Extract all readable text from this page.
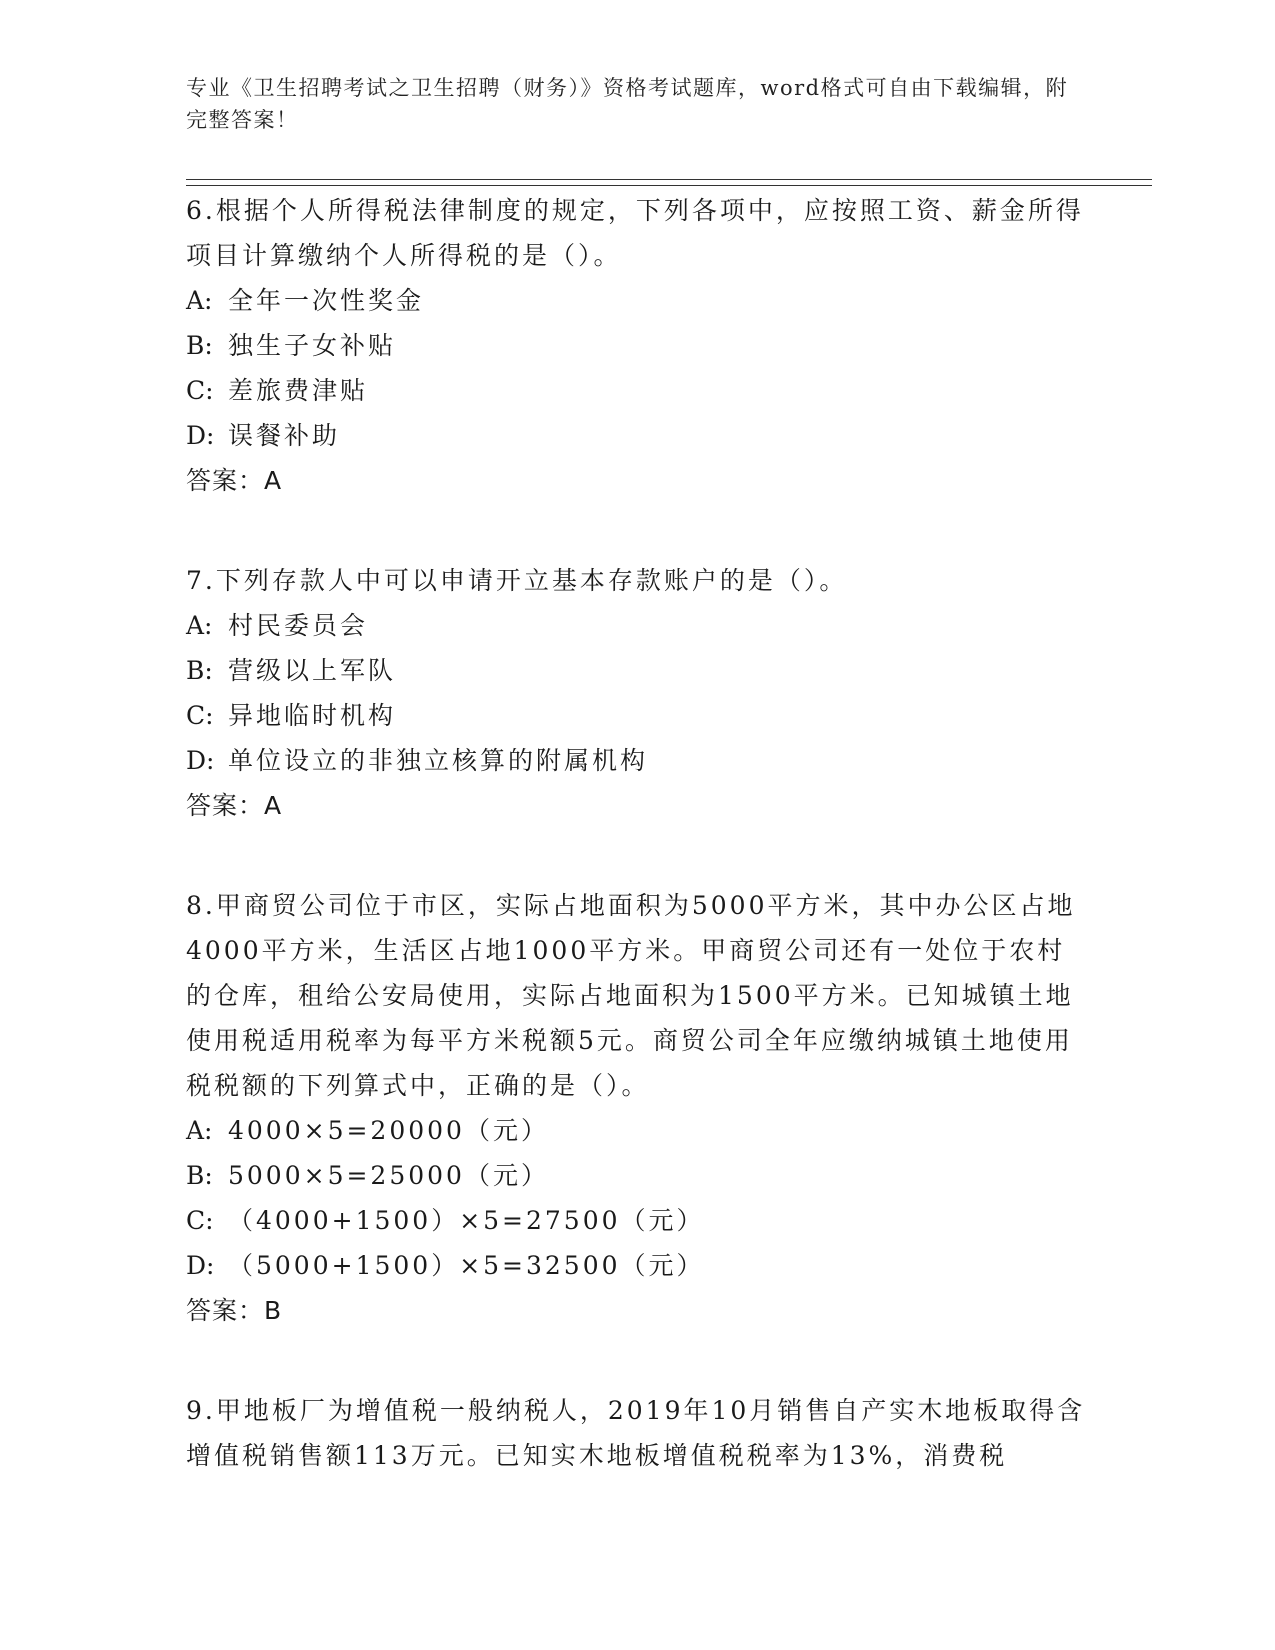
专业《卫生招聘考试之卫生招聘（财务）》资格考试题库，word格式可自由下载编辑，附完整答案！

6.根据个人所得税法律制度的规定，下列各项中，应按照工资、薪金所得项目计算缴纳个人所得税的是（）。

A: 全年一次性奖金

B: 独生子女补贴

C: 差旅费津贴

D: 误餐补助

答案：A

7.下列存款人中可以申请开立基本存款账户的是（）。

A: 村民委员会

B: 营级以上军队

C: 异地临时机构

D: 单位设立的非独立核算的附属机构

答案：A

8.甲商贸公司位于市区，实际占地面积为5000平方米，其中办公区占地4000平方米，生活区占地1000平方米。甲商贸公司还有一处位于农村的仓库，租给公安局使用，实际占地面积为1500平方米。已知城镇土地使用税适用税率为每平方米税额5元。商贸公司全年应缴纳城镇土地使用税税额的下列算式中，正确的是（）。

A: 4000×5=20000（元）

B: 5000×5=25000（元）

C: （4000+1500）×5=27500（元）

D: （5000+1500）×5=32500（元）

答案：B

9.甲地板厂为增值税一般纳税人，2019年10月销售自产实木地板取得含增值税销售额113万元。已知实木地板增值税税率为13%，消费税
